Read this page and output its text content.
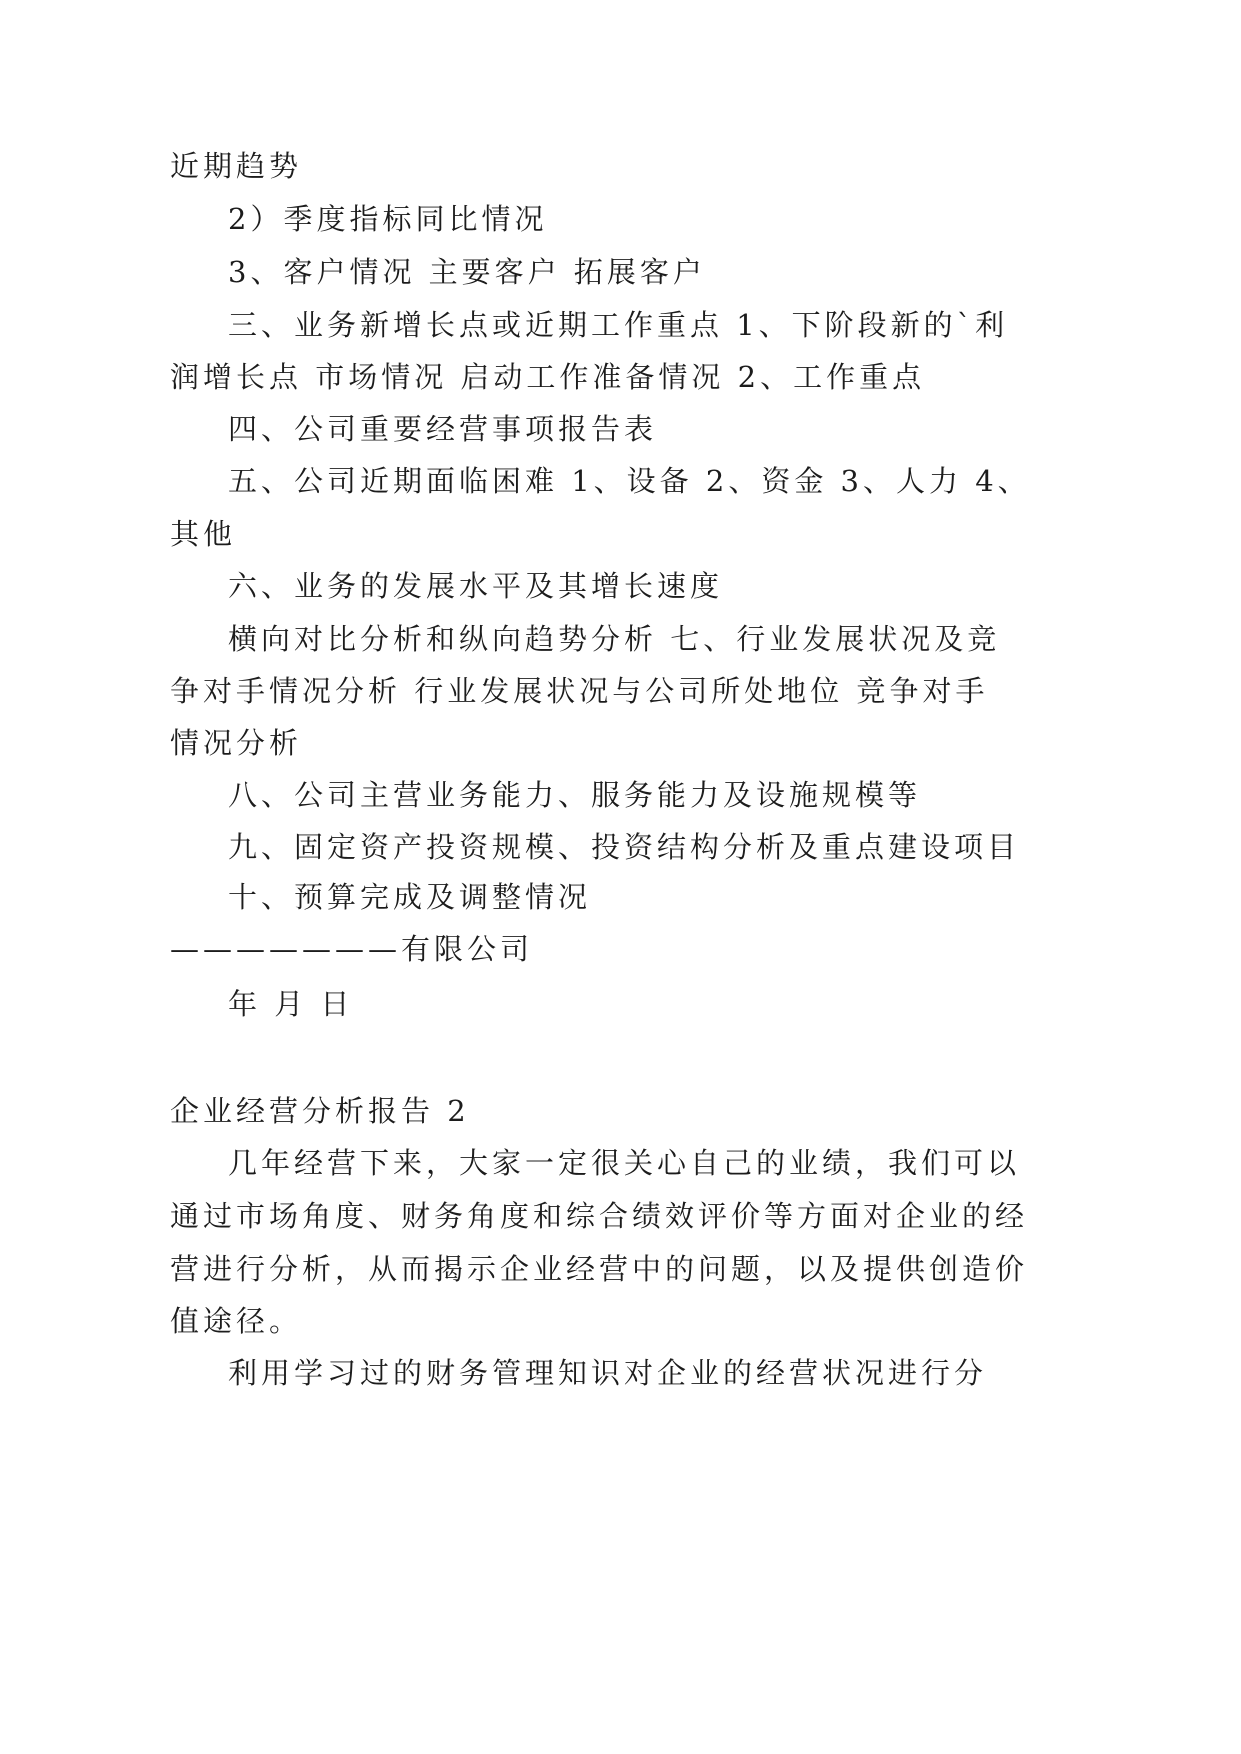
近期趋势

2）季度指标同比情况

3、客户情况 主要客户 拓展客户

三、业务新增长点或近期工作重点 1、下阶段新的`利

润增长点 市场情况 启动工作准备情况 2、工作重点

四、公司重要经营事项报告表

五、公司近期面临困难 1、设备 2、资金 3、人力 4、

其他

六、业务的发展水平及其增长速度

横向对比分析和纵向趋势分析 七、行业发展状况及竞

争对手情况分析 行业发展状况与公司所处地位 竞争对手

情况分析

八、公司主营业务能力、服务能力及设施规模等

九、固定资产投资规模、投资结构分析及重点建设项目

十、预算完成及调整情况

———————有限公司

年 月 日

企业经营分析报告 2

几年经营下来，大家一定很关心自己的业绩，我们可以

通过市场角度、财务角度和综合绩效评价等方面对企业的经

营进行分析，从而揭示企业经营中的问题，以及提供创造价

值途径。

利用学习过的财务管理知识对企业的经营状况进行分
